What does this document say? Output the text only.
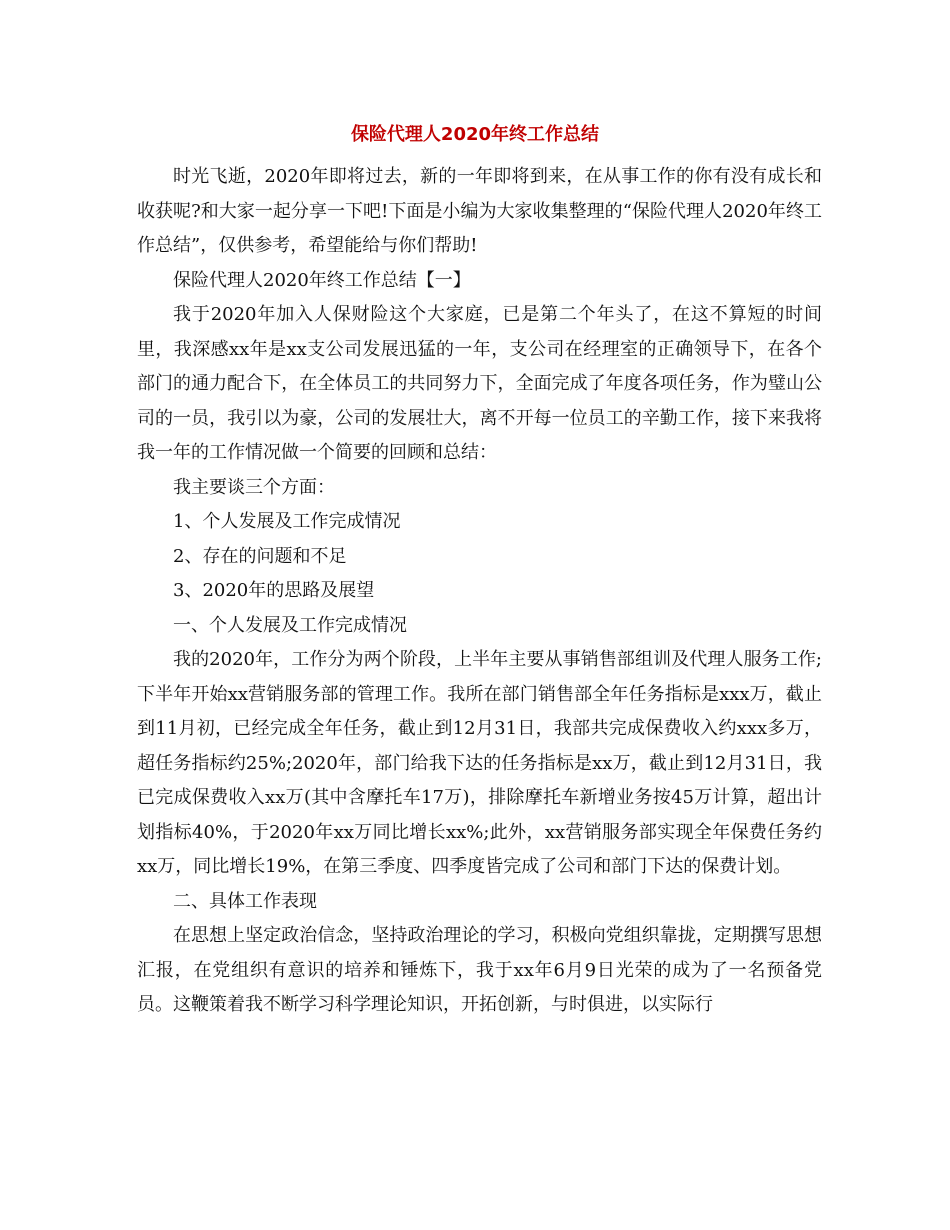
保险代理人2020年终工作总结

时光飞逝，2020年即将过去，新的一年即将到来，在从事工作的你有没有成长和收获呢?和大家一起分享一下吧!下面是小编为大家收集整理的“保险代理人2020年终工作总结”，仅供参考，希望能给与你们帮助!

保险代理人2020年终工作总结【一】

我于2020年加入人保财险这个大家庭，已是第二个年头了，在这不算短的时间里，我深感xx年是xx支公司发展迅猛的一年，支公司在经理室的正确领导下，在各个部门的通力配合下，在全体员工的共同努力下，全面完成了年度各项任务，作为璧山公司的一员，我引以为豪，公司的发展壮大，离不开每一位员工的辛勤工作，接下来我将我一年的工作情况做一个简要的回顾和总结：

我主要谈三个方面：

1、个人发展及工作完成情况

2、存在的问题和不足

3、2020年的思路及展望

一、个人发展及工作完成情况

我的2020年，工作分为两个阶段，上半年主要从事销售部组训及代理人服务工作;下半年开始xx营销服务部的管理工作。我所在部门销售部全年任务指标是xxx万，截止到11月初，已经完成全年任务，截止到12月31日，我部共完成保费收入约xxx多万，超任务指标约25%;2020年，部门给我下达的任务指标是xx万，截止到12月31日，我已完成保费收入xx万(其中含摩托车17万)，排除摩托车新增业务按45万计算，超出计划指标40%，于2020年xx万同比增长xx%;此外，xx营销服务部实现全年保费任务约xx万，同比增长19%，在第三季度、四季度皆完成了公司和部门下达的保费计划。

二、具体工作表现

在思想上坚定政治信念，坚持政治理论的学习，积极向党组织靠拢，定期撰写思想汇报，在党组织有意识的培养和锤炼下，我于xx年6月9日光荣的成为了一名预备党员。这鞭策着我不断学习科学理论知识，开拓创新，与时俱进，以实际行
